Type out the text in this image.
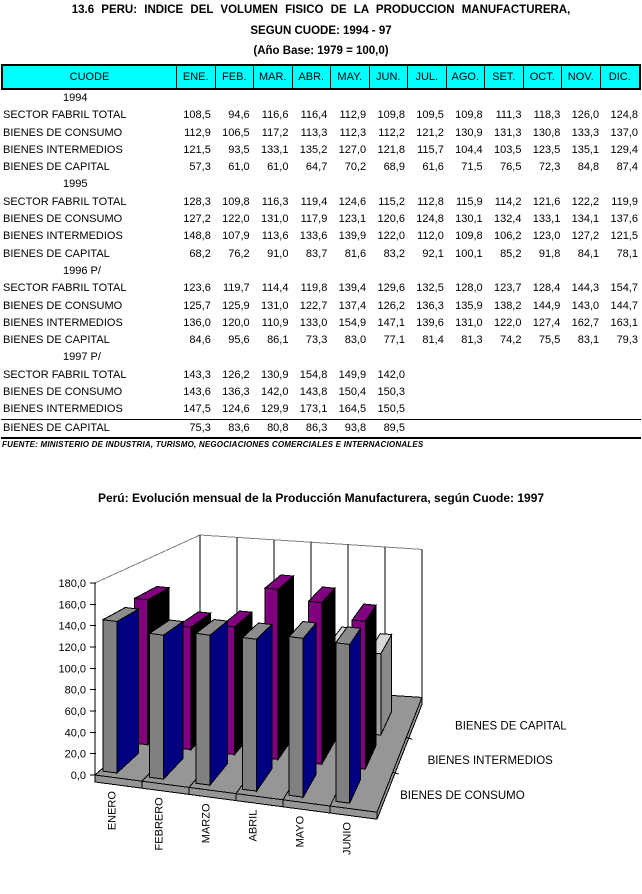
13.6 PERU: INDICE DEL VOLUMEN FISICO DE LA PRODUCCION MANUFACTURERA,
SEGUN CUODE: 1994 - 97
(Año Base: 1979 = 100,0)
CUODE	ENE.	FEB.	MAR.	ABR.	MAY.	JUN.	JUL.	AGO.	SET.	OCT.	NOV.	DIC.
1994
SECTOR FABRIL TOTAL	108,5	94,6	116,6	116,4	112,9	109,8	109,5	109,8	111,3	118,3	126,0	124,8
BIENES DE CONSUMO	112,9	106,5	117,2	113,3	112,3	112,2	121,2	130,9	131,3	130,8	133,3	137,0
BIENES INTERMEDIOS	121,5	93,5	133,1	135,2	127,0	121,8	115,7	104,4	103,5	123,5	135,1	129,4
BIENES DE CAPITAL	57,3	61,0	61,0	64,7	70,2	68,9	61,6	71,5	76,5	72,3	84,8	87,4
1995
SECTOR FABRIL TOTAL	128,3	109,8	116,3	119,4	124,6	115,2	112,8	115,9	114,2	121,6	122,2	119,9
BIENES DE CONSUMO	127,2	122,0	131,0	117,9	123,1	120,6	124,8	130,1	132,4	133,1	134,1	137,6
BIENES INTERMEDIOS	148,8	107,9	113,6	133,6	139,9	122,0	112,0	109,8	106,2	123,0	127,2	121,5
BIENES DE CAPITAL	68,2	76,2	91,0	83,7	81,6	83,2	92,1	100,1	85,2	91,8	84,1	78,1
1996 P/
SECTOR FABRIL TOTAL	123,6	119,7	114,4	119,8	139,4	129,6	132,5	128,0	123,7	128,4	144,3	154,7
BIENES DE CONSUMO	125,7	125,9	131,0	122,7	137,4	126,2	136,3	135,9	138,2	144,9	143,0	144,7
BIENES INTERMEDIOS	136,0	120,0	110,9	133,0	154,9	147,1	139,6	131,0	122,0	127,4	162,7	163,1
BIENES DE CAPITAL	84,6	95,6	86,1	73,3	83,0	77,1	81,4	81,3	74,2	75,5	83,1	79,3
1997 P/
SECTOR FABRIL TOTAL	143,3	126,2	130,9	154,8	149,9	142,0
BIENES DE CONSUMO	143,6	136,3	142,0	143,8	150,4	150,3
BIENES INTERMEDIOS	147,5	124,6	129,9	173,1	164,5	150,5
BIENES DE CAPITAL	75,3	83,6	80,8	86,3	93,8	89,5
FUENTE: MINISTERIO DE INDUSTRIA, TURISMO, NEGOCIACIONES COMERCIALES E INTERNACIONALES
Perú: Evolución mensual de la Producción Manufacturera, según Cuode: 1997
0,0
20,0
40,0
60,0
80,0
100,0
120,0
140,0
160,0
180,0
ENERO	FEBRERO	MARZO	ABRIL	MAYO	JUNIO
BIENES DE CONSUMO
BIENES INTERMEDIOS
BIENES DE CAPITAL
